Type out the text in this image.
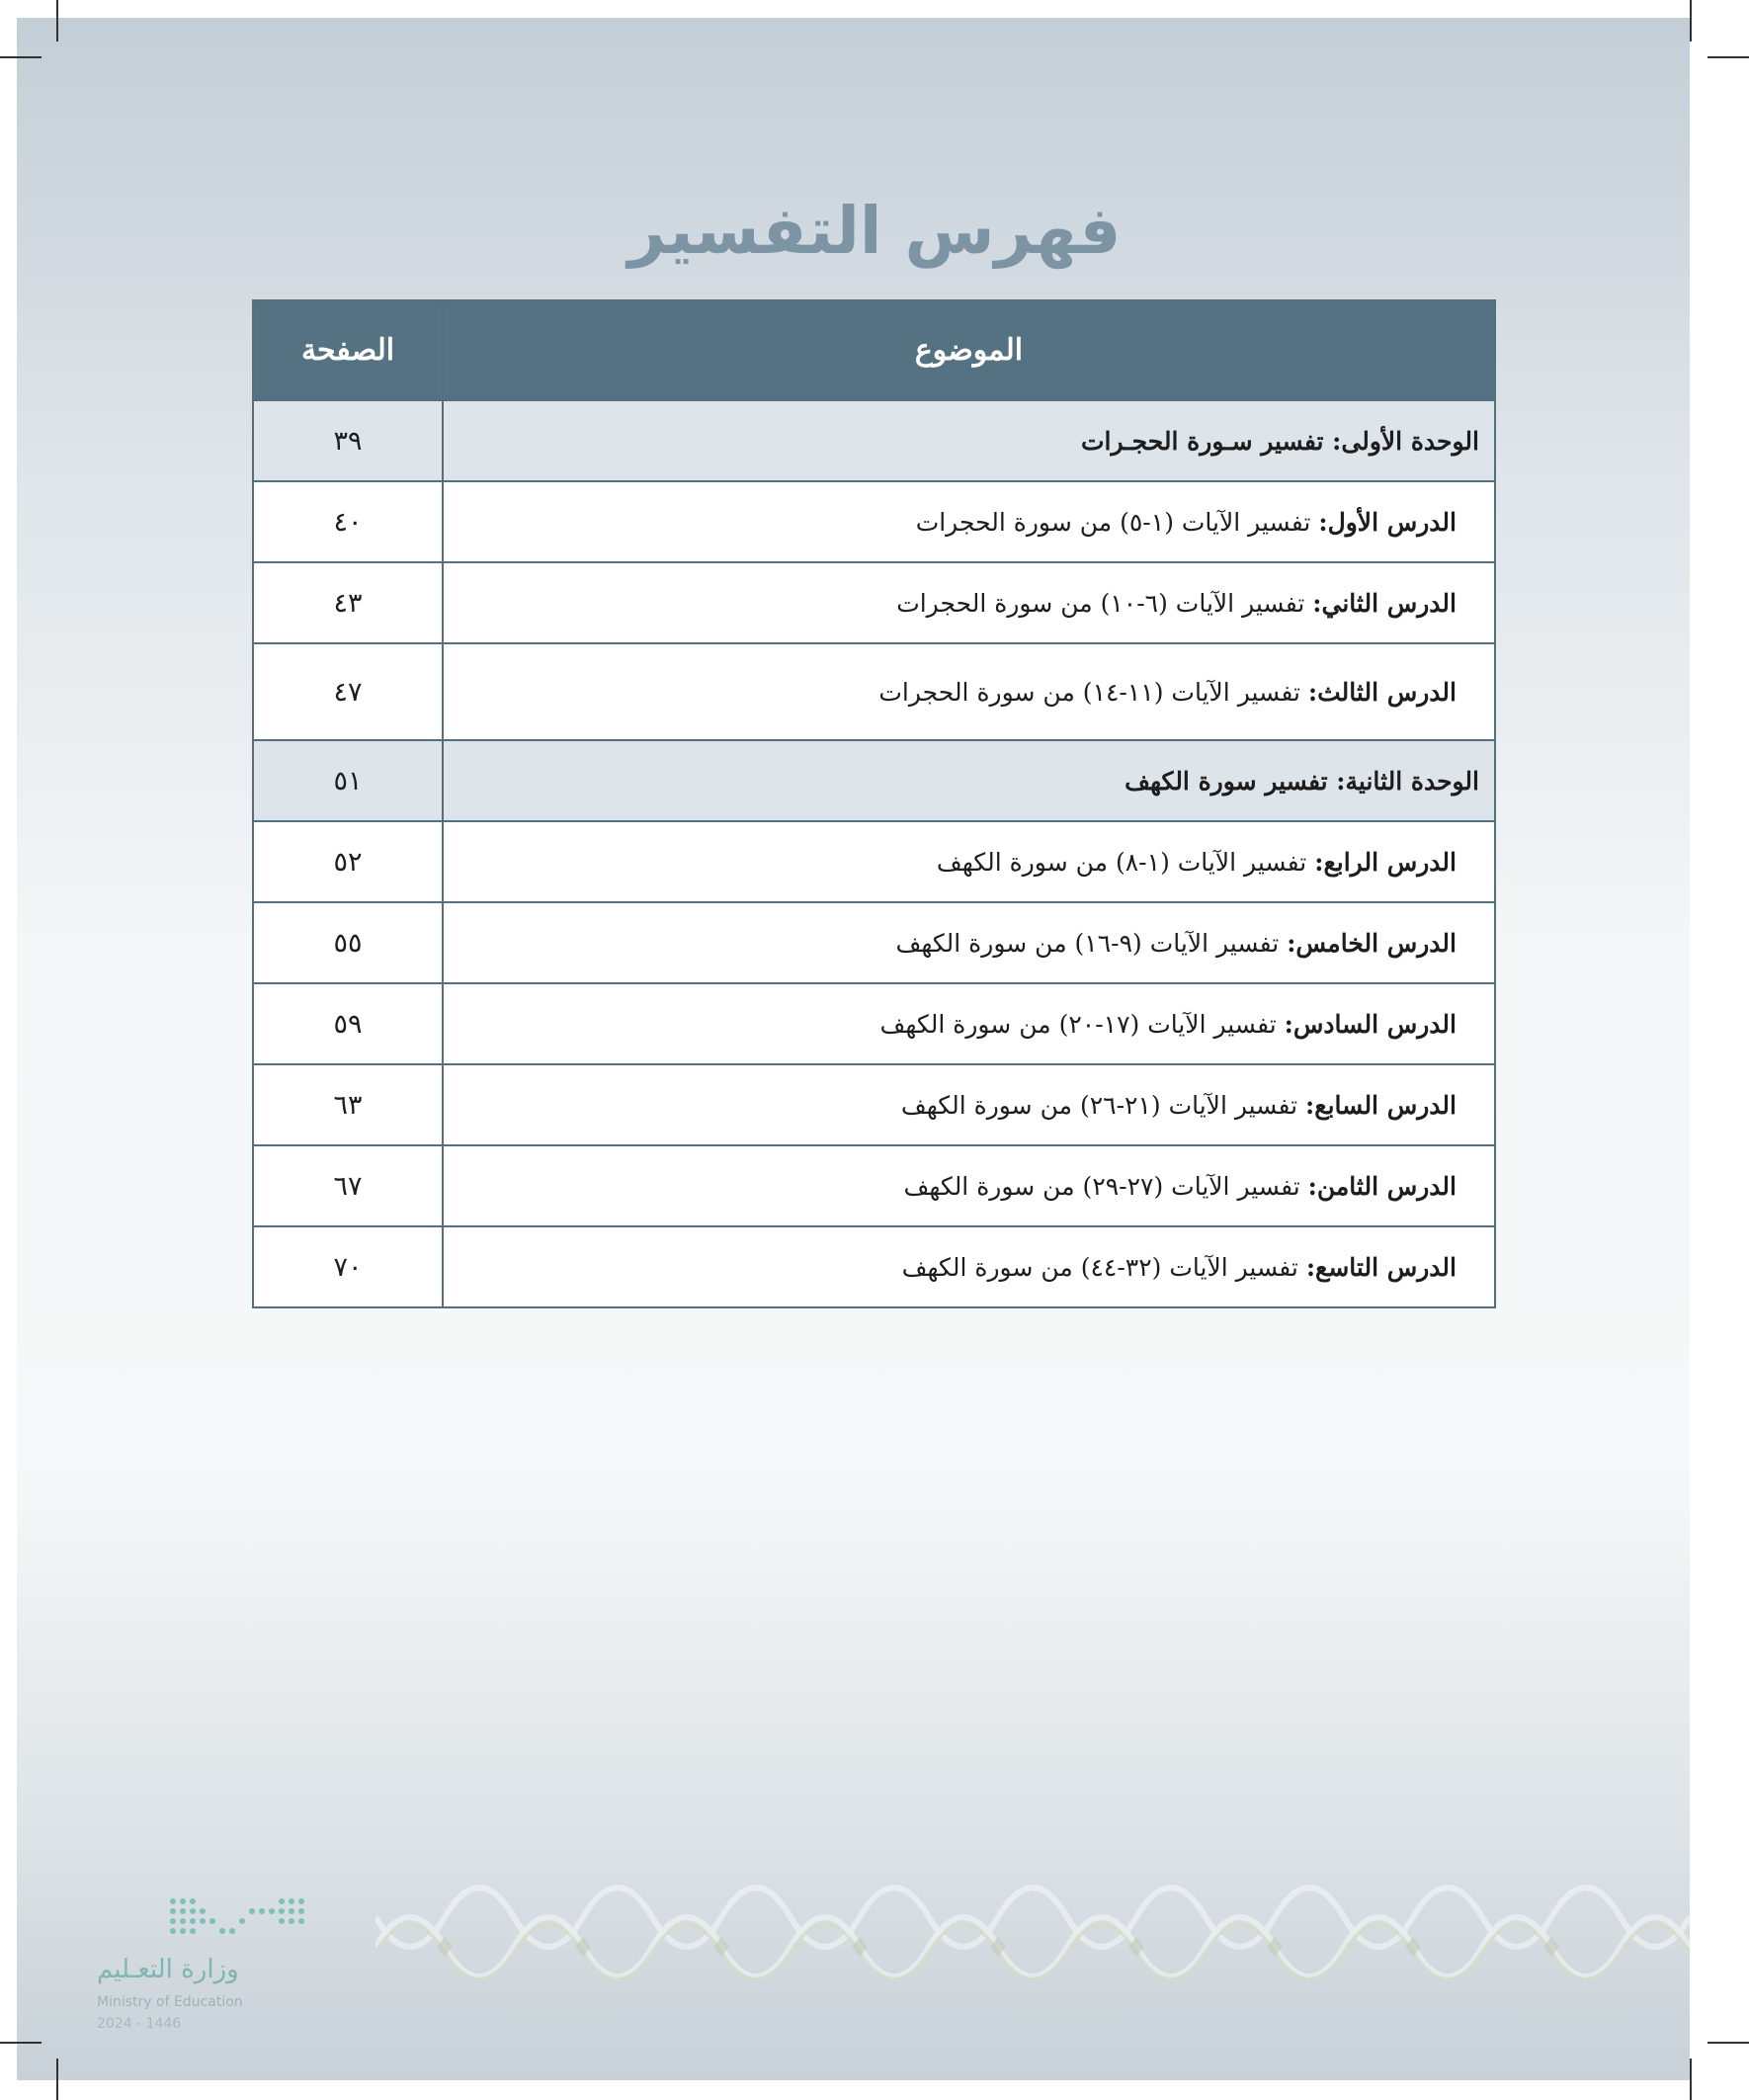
فهرس التفسير
الموضوع	الصفحة
الوحدة الأولى: تفسير سـورة الحجـرات	٣٩
الدرس الأول: تفسير الآيات (١-٥) من سورة الحجرات	٤٠
الدرس الثاني: تفسير الآيات (٦-١٠) من سورة الحجرات	٤٣
الدرس الثالث: تفسير الآيات (١١-١٤) من سورة الحجرات	٤٧
الوحدة الثانية: تفسير سورة الكهف	٥١
الدرس الرابع: تفسير الآيات (١-٨) من سورة الكهف	٥٢
الدرس الخامس: تفسير الآيات (٩-١٦) من سورة الكهف	٥٥
الدرس السادس: تفسير الآيات (١٧-٢٠) من سورة الكهف	٥٩
الدرس السابع: تفسير الآيات (٢١-٢٦) من سورة الكهف	٦٣
الدرس الثامن: تفسير الآيات (٢٧-٢٩) من سورة الكهف	٦٧
الدرس التاسع: تفسير الآيات (٣٢-٤٤) من سورة الكهف	٧٠
وزارة التعـليم
Ministry of Education
2024 - 1446
